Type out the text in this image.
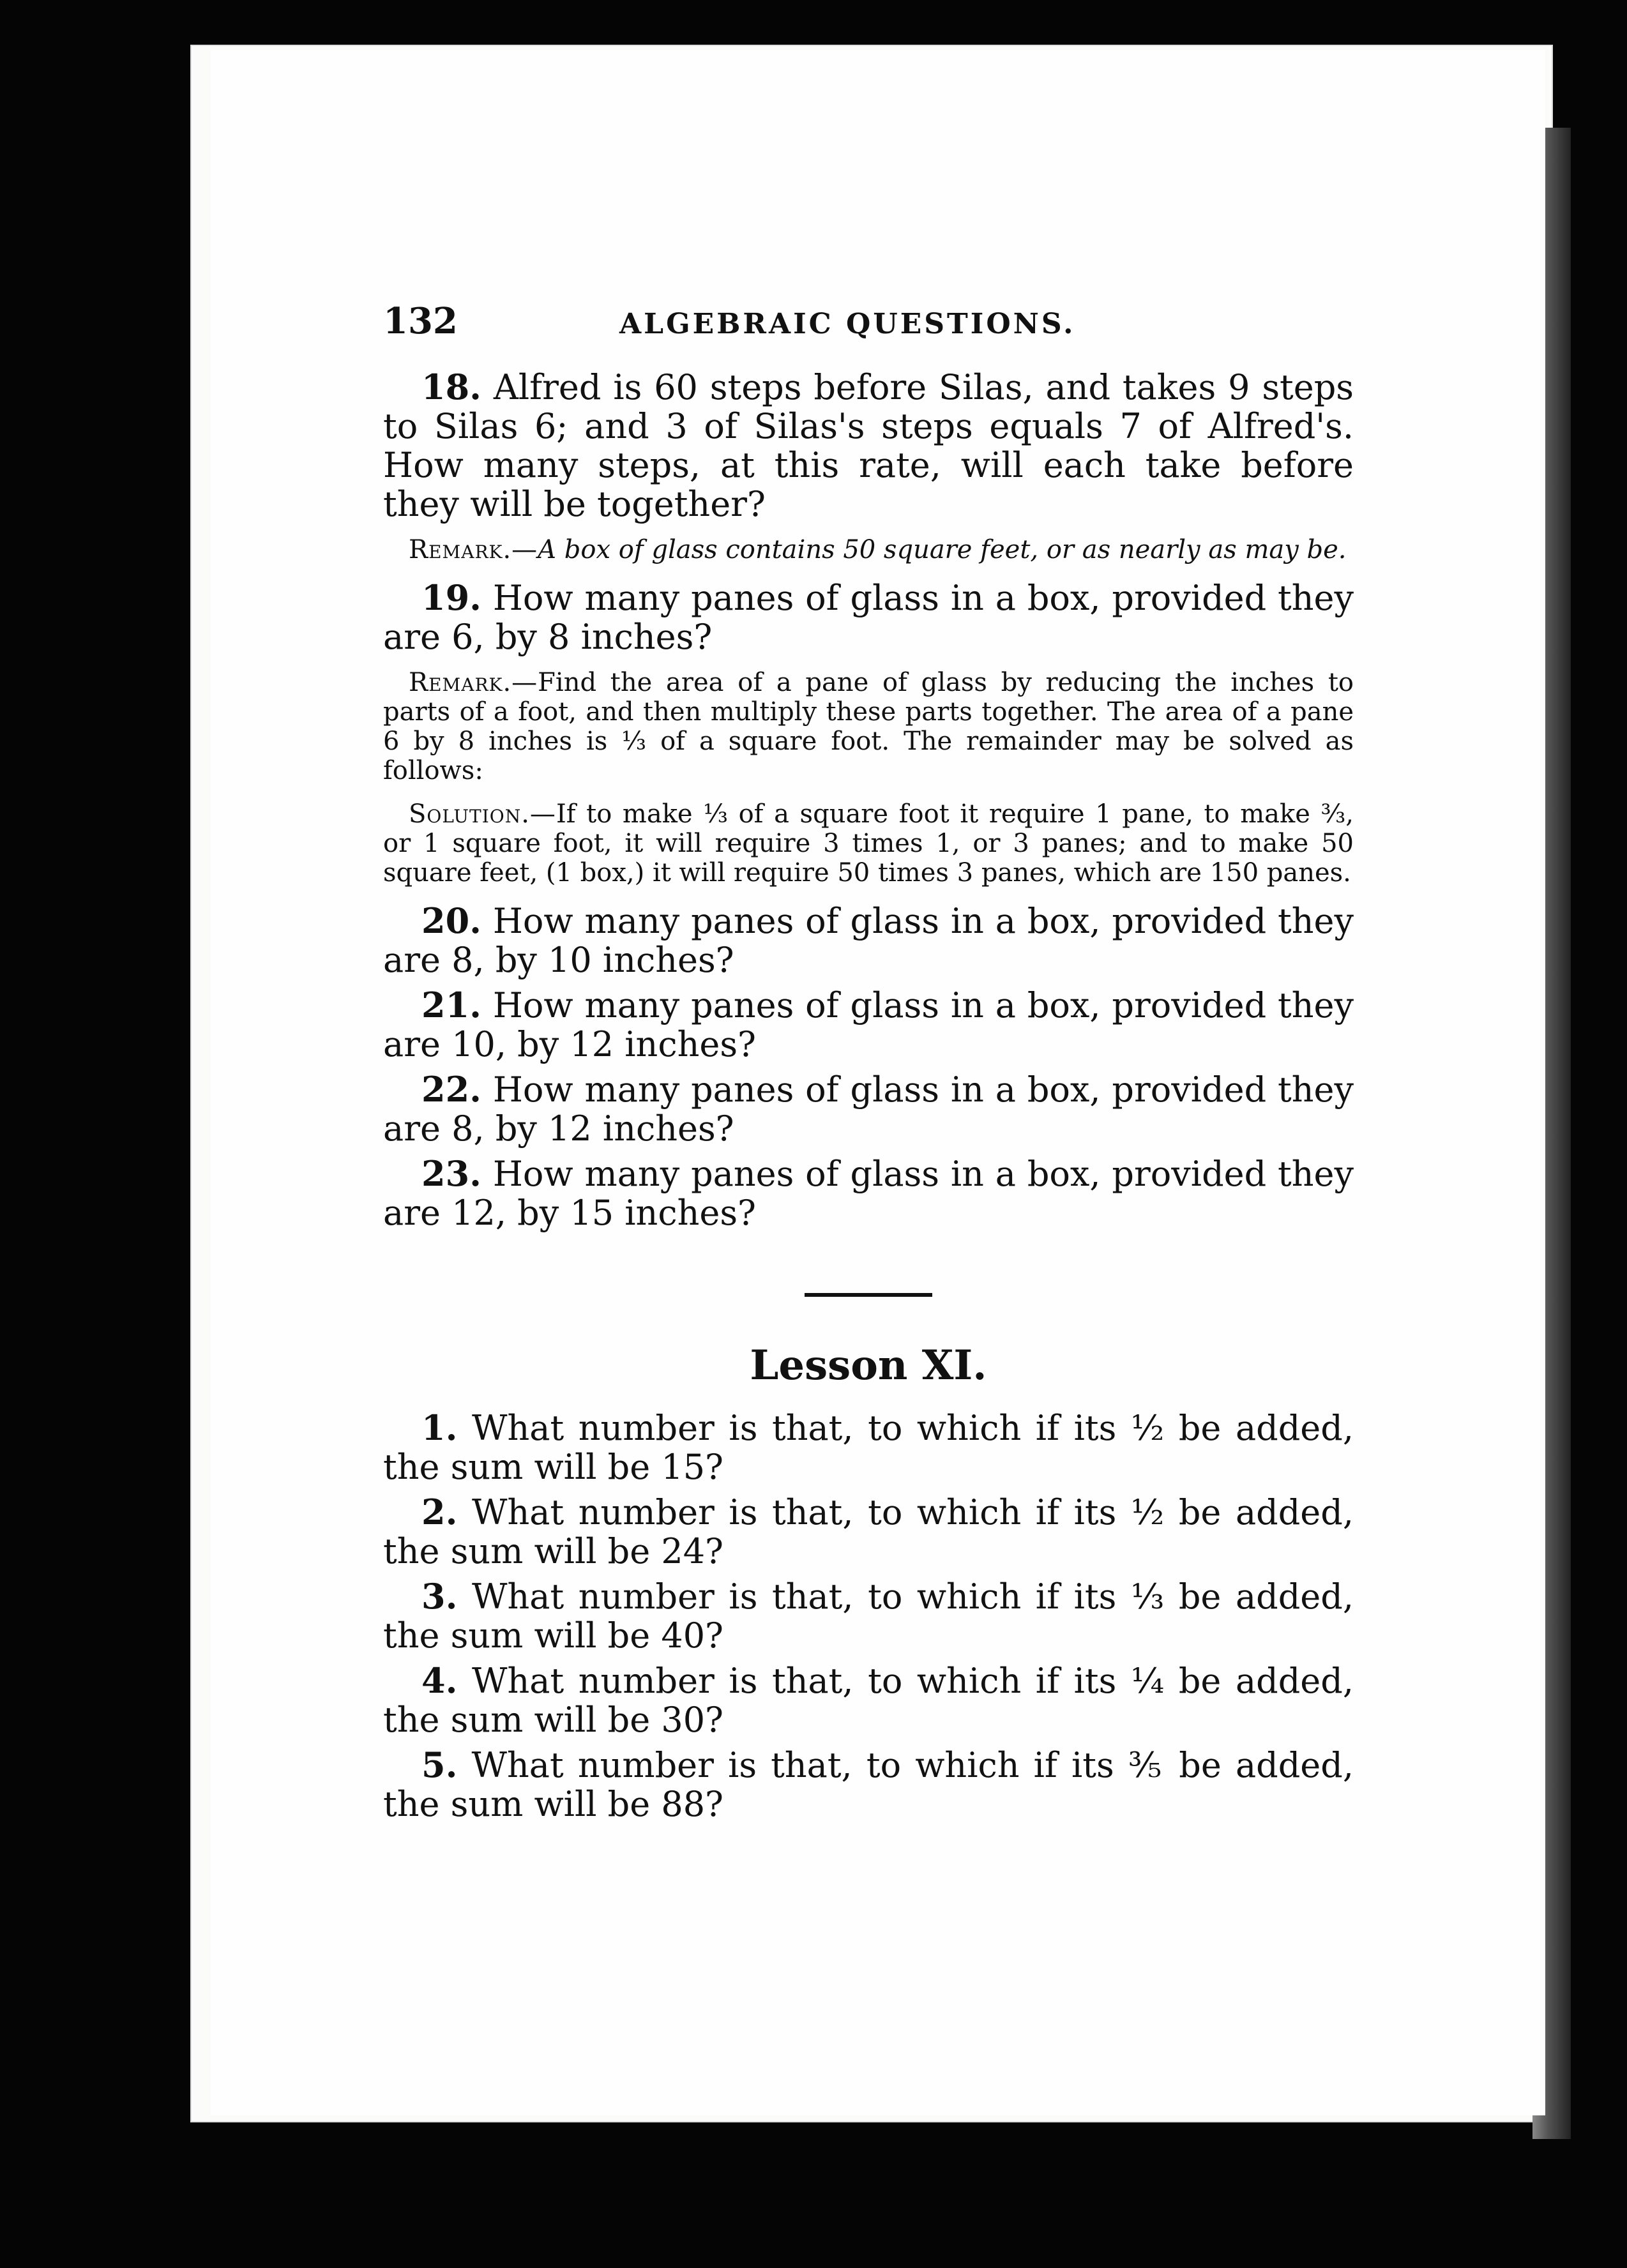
132	ALGEBRAIC QUESTIONS.

18. Alfred is 60 steps before Silas, and takes 9 steps to Silas 6; and 3 of Silas's steps equals 7 of Alfred's. How many steps, at this rate, will each take before they will be together?

Remark.—A box of glass contains 50 square feet, or as nearly as may be.

19. How many panes of glass in a box, provided they are 6, by 8 inches?

Remark.—Find the area of a pane of glass by reducing the inches to parts of a foot, and then multiply these parts together. The area of a pane 6 by 8 inches is ⅓ of a square foot. The remainder may be solved as follows:

Solution.—If to make ⅓ of a square foot it require 1 pane, to make ³⁄₃, or 1 square foot, it will require 3 times 1, or 3 panes; and to make 50 square feet, (1 box,) it will require 50 times 3 panes, which are 150 panes.

20. How many panes of glass in a box, provided they are 8, by 10 inches?

21. How many panes of glass in a box, provided they are 10, by 12 inches?

22. How many panes of glass in a box, provided they are 8, by 12 inches?

23. How many panes of glass in a box, provided they are 12, by 15 inches?

Lesson XI.

1. What number is that, to which if its ½ be added, the sum will be 15?

2. What number is that, to which if its ½ be added, the sum will be 24?

3. What number is that, to which if its ⅓ be added, the sum will be 40?

4. What number is that, to which if its ¼ be added, the sum will be 30?

5. What number is that, to which if its ⅗ be added, the sum will be 88?
